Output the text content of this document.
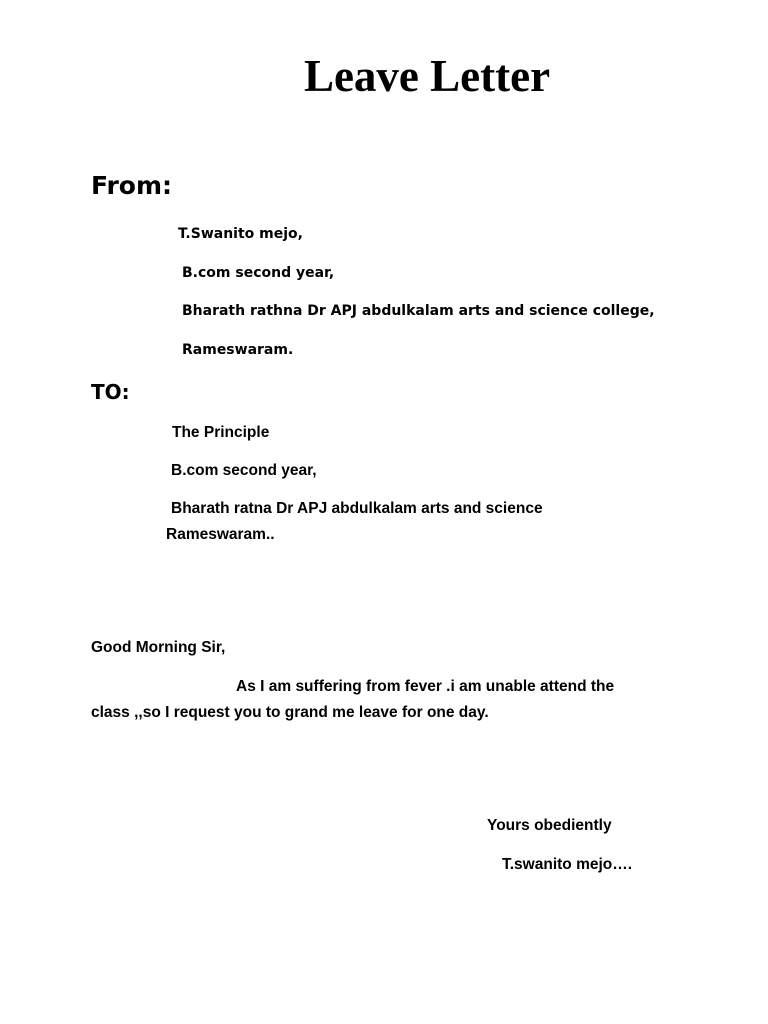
Leave Letter
From:
T.Swanito mejo,
B.com second year,
Bharath rathna Dr APJ abdulkalam arts and science college,
Rameswaram.
TO:
The Principle
B.com second year,
Bharath ratna Dr APJ abdulkalam arts and science
Rameswaram..
Good Morning Sir,
As I am suffering from fever .i am unable attend the
class ,,so I request you to grand me leave for one day.
Yours obediently
T.swanito mejo….
